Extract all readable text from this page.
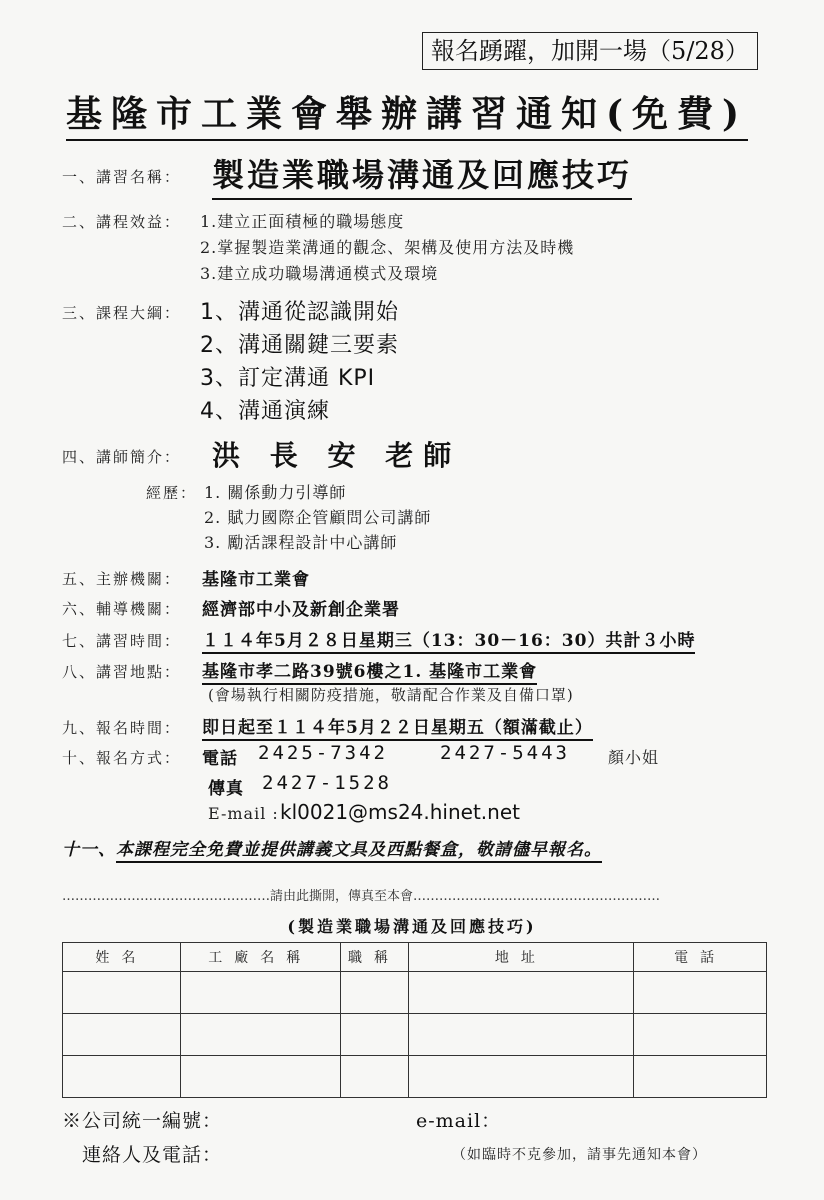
報名踴躍，加開一場（5/28）
基隆市工業會舉辦講習通知(免費)
一、講習名稱： 製造業職場溝通及回應技巧
二、講程效益： 1.建立正面積極的職場態度
2.掌握製造業溝通的觀念、架構及使用方法及時機
3.建立成功職場溝通模式及環境
三、課程大綱： 1、溝通從認識開始
2、溝通關鍵三要素
3、訂定溝通 KPI
4、溝通演練
四、講師簡介： 洪 長 安 老師
經歷： 1. 關係動力引導師
2. 賦力國際企管顧問公司講師
3. 勵活課程設計中心講師
五、主辦機關： 基隆市工業會
六、輔導機關： 經濟部中小及新創企業署
七、講習時間： １１４年5月２８日星期三（13：30－16：30）共計３小時
八、講習地點： 基隆市孝二路39號6樓之1. 基隆市工業會
(會場執行相關防疫措施，敬請配合作業及自備口罩)
九、報名時間： 即日起至１１４年5月２２日星期五（額滿截止）
十、報名方式： 電話 2425-7342	2427-5443 顏小姐
傳真 2427-1528
E-mail : kl0021@ms24.hinet.net
十一、本課程完全免費並提供講義文具及西點餐盒，敬請儘早報名。
…………………………………………請由此撕開，傳真至本會…………………………………………………
(製造業職場溝通及回應技巧)
姓名	工廠名稱	職稱	地址	電話

※公司統一編號：	e-mail：
連絡人及電話：	（如臨時不克參加，請事先通知本會）
